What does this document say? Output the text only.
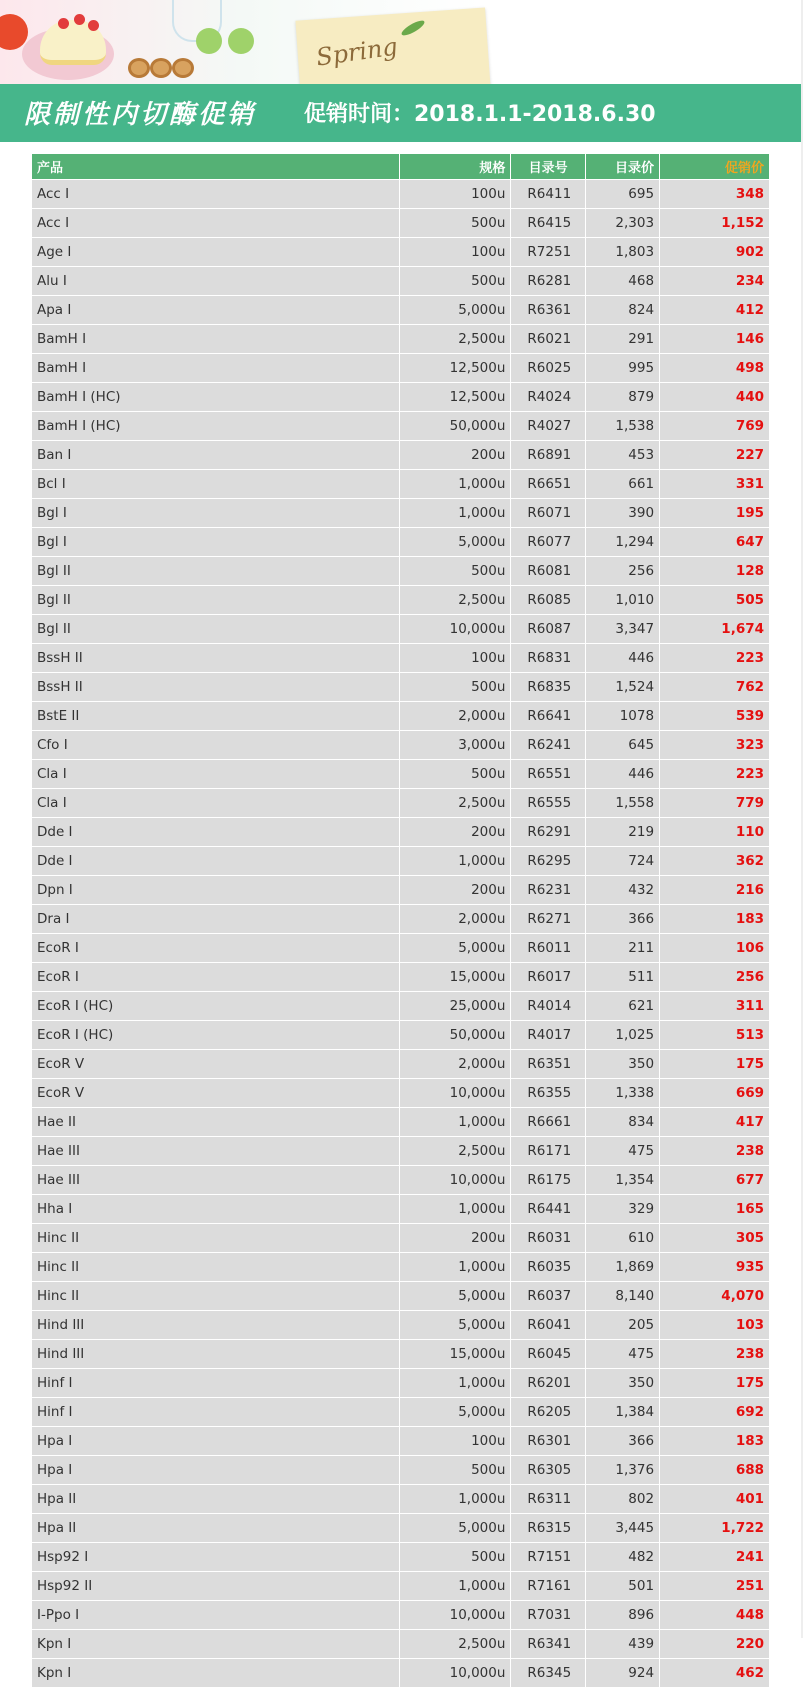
Spring
限制性内切酶促销 促销时间：2018.1.1-2018.6.30
产品	规格	目录号	目录价	促销价
Acc I	100u	R6411	695	348
Acc I	500u	R6415	2,303	1,152
Age I	100u	R7251	1,803	902
Alu I	500u	R6281	468	234
Apa I	5,000u	R6361	824	412
BamH I	2,500u	R6021	291	146
BamH I	12,500u	R6025	995	498
BamH I (HC)	12,500u	R4024	879	440
BamH I (HC)	50,000u	R4027	1,538	769
Ban I	200u	R6891	453	227
Bcl I	1,000u	R6651	661	331
Bgl I	1,000u	R6071	390	195
Bgl I	5,000u	R6077	1,294	647
Bgl II	500u	R6081	256	128
Bgl II	2,500u	R6085	1,010	505
Bgl II	10,000u	R6087	3,347	1,674
BssH II	100u	R6831	446	223
BssH II	500u	R6835	1,524	762
BstE II	2,000u	R6641	1078	539
Cfo I	3,000u	R6241	645	323
Cla I	500u	R6551	446	223
Cla I	2,500u	R6555	1,558	779
Dde I	200u	R6291	219	110
Dde I	1,000u	R6295	724	362
Dpn I	200u	R6231	432	216
Dra I	2,000u	R6271	366	183
EcoR I	5,000u	R6011	211	106
EcoR I	15,000u	R6017	511	256
EcoR I (HC)	25,000u	R4014	621	311
EcoR I (HC)	50,000u	R4017	1,025	513
EcoR V	2,000u	R6351	350	175
EcoR V	10,000u	R6355	1,338	669
Hae II	1,000u	R6661	834	417
Hae III	2,500u	R6171	475	238
Hae III	10,000u	R6175	1,354	677
Hha I	1,000u	R6441	329	165
Hinc II	200u	R6031	610	305
Hinc II	1,000u	R6035	1,869	935
Hinc II	5,000u	R6037	8,140	4,070
Hind III	5,000u	R6041	205	103
Hind III	15,000u	R6045	475	238
Hinf I	1,000u	R6201	350	175
Hinf I	5,000u	R6205	1,384	692
Hpa I	100u	R6301	366	183
Hpa I	500u	R6305	1,376	688
Hpa II	1,000u	R6311	802	401
Hpa II	5,000u	R6315	3,445	1,722
Hsp92 I	500u	R7151	482	241
Hsp92 II	1,000u	R7161	501	251
I-Ppo I	10,000u	R7031	896	448
Kpn I	2,500u	R6341	439	220
Kpn I	10,000u	R6345	924	462
